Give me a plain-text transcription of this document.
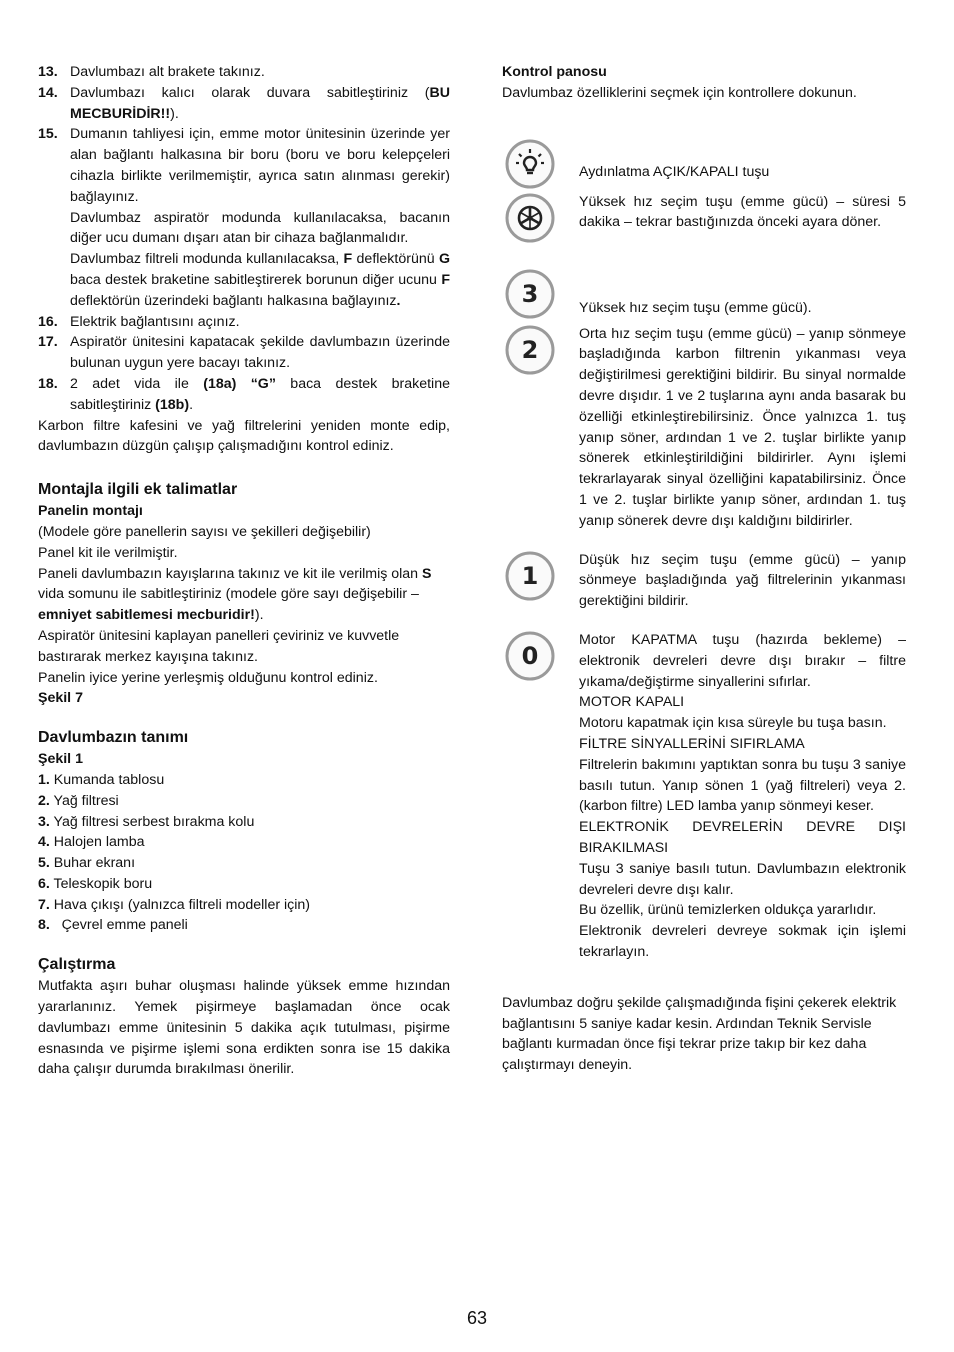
13. Davlumbazı alt brakete takınız.
14. Davlumbazı kalıcı olarak duvara sabitleştiriniz (BU MECBURİDİR!!).
15. Dumanın tahliyesi için, emme motor ünitesinin üzerinde yer alan bağlantı halkasına bir boru (boru ve boru kelepçeleri cihazla birlikte verilmemiştir, ayrıca satın alınması gerekir) bağlayınız.

Davlumbaz aspiratör modunda kullanılacaksa, bacanın diğer ucu dumanı dışarı atan bir cihaza bağlanmalıdır.

Davlumbaz filtreli modunda kullanılacaksa, F deflektörünü G baca destek braketine sabitleştirerek borunun diğer ucunu F deflektörün üzerindeki bağlantı halkasına bağlayınız.

16. Elektrik bağlantısını açınız.
17. Aspiratör ünitesini kapatacak şekilde davlumbazın üzerinde bulunan uygun yere bacayı takınız.
18. 2 adet vida ile (18a) “G” baca destek braketine sabitleştiriniz (18b).

Karbon filtre kafesini ve yağ filtrelerini yeniden monte edip, davlumbazın düzgün çalışıp çalışmadığını kontrol ediniz.

Montajla ilgili ek talimatlar

Panelin montajı

(Modele göre panellerin sayısı ve şekilleri değişebilir)

Panel kit ile verilmiştir.

Paneli davlumbazın kayışlarına takınız ve kit ile verilmiş olan S vida somunu ile sabitleştiriniz (modele göre sayı değişebilir – emniyet sabitlemesi mecburidir!).

Aspiratör ünitesini kaplayan panelleri çeviriniz ve kuvvetle bastırarak merkez kayışına takınız.

Panelin iyice yerine yerleşmiş olduğunu kontrol ediniz.

Şekil 7

Davlumbazın tanımı

Şekil 1

1. Kumanda tablosu

2. Yağ filtresi

3. Yağ filtresi serbest bırakma kolu

4. Halojen lamba

5. Buhar ekranı

6. Teleskopik boru

7. Hava çıkışı (yalnızca filtreli modeller için)

8.   Çevrel emme paneli

Çalıştırma

Mutfakta aşırı buhar oluşması halinde yüksek emme hızından yararlanınız. Yemek pişirmeye başlamadan önce ocak davlumbazı emme ünitesinin 5 dakika açık tutulması, pişirme esnasında ve pişirme işlemi sona erdikten sonra ise 15 dakika daha çalışır durumda bırakılması önerilir.

Kontrol panosu

Davlumbaz özelliklerini seçmek için kontrollere dokunun.

Aydınlatma AÇIK/KAPALI tuşu

Yüksek hız seçim tuşu (emme gücü) – süresi 5 dakika – tekrar bastığınızda önceki ayara döner.

3	Yüksek hız seçim tuşu (emme gücü).

2

Orta hız seçim tuşu (emme gücü) – yanıp sönmeye başladığında karbon filtrenin yıkanması veya değiştirilmesi gerektiğini bildirir. Bu sinyal normalde devre dışıdır. 1 ve 2 tuşlarına aynı anda basarak bu özelliği etkinleştirebilirsiniz. Önce yalnızca 1. tuş yanıp söner, ardından 1 ve 2. tuşlar birlikte yanıp sönerek etkinleştirildiğini bildirirler. Aynı işlemi tekrarlayarak sinyal özelliğini kapatabilirsiniz. Önce 1 ve 2. tuşlar birlikte yanıp söner, ardından 1. tuş yanıp sönerek devre dışı kaldığını bildirirler.

1

Düşük hız seçim tuşu (emme gücü) – yanıp sönmeye başladığında yağ filtrelerinin yıkanması gerektiğini bildirir.

0

Motor KAPATMA tuşu (hazırda bekleme) – elektronik devreleri devre dışı bırakır – filtre yıkama/değiştirme sinyallerini sıfırlar.

MOTOR KAPALI

Motoru kapatmak için kısa süreyle bu tuşa basın.

FİLTRE SİNYALLERİNİ SIFIRLAMA

Filtrelerin bakımını yaptıktan sonra bu tuşu 3 saniye basılı tutun. Yanıp sönen 1 (yağ filtreleri) veya 2. (karbon filtre) LED lamba yanıp sönmeyi keser.

ELEKTRONİK DEVRELERİN DEVRE DIŞI BIRAKILMASI

Tuşu 3 saniye basılı tutun. Davlumbazın elektronik devreleri devre dışı kalır.

Bu özellik, ürünü temizlerken oldukça yararlıdır.

Elektronik devreleri devreye sokmak için işlemi tekrarlayın.

Davlumbaz doğru şekilde çalışmadığında fişini çekerek elektrik bağlantısını 5 saniye kadar kesin. Ardından Teknik Servisle bağlantı kurmadan önce fişi tekrar prize takıp bir kez daha çalıştırmayı deneyin.

63
